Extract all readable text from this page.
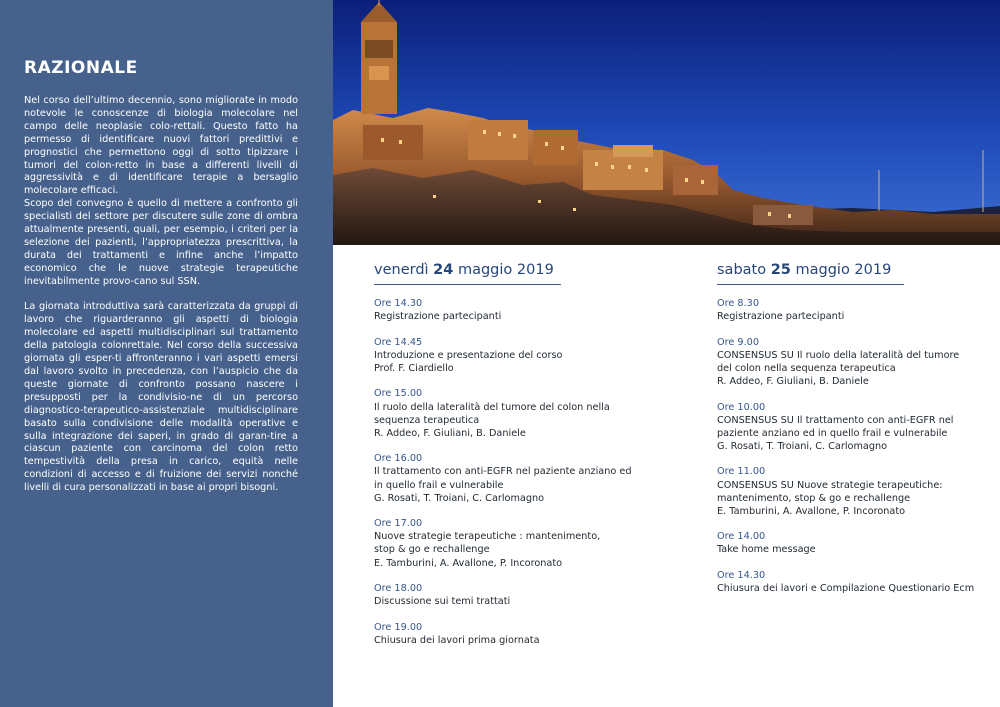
RAZIONALE

Nel corso dell’ultimo decennio, sono migliorate in modo notevole le conoscenze di biologia molecolare nel campo delle neoplasie colo-rettali. Questo fatto ha permesso di identificare nuovi fattori predittivi e prognostici che permettono oggi di sotto tipizzare i tumori del colon-retto in base a differenti livelli di aggressività e di identificare terapie a bersaglio molecolare efficaci.

Scopo del convegno è quello di mettere a confronto gli specialisti del settore per discutere sulle zone di ombra attualmente presenti, quali, per esempio, i criteri per la selezione dei pazienti, l’appropriatezza prescrittiva, la durata dei trattamenti e infine anche l’impatto economico che le nuove strategie terapeutiche inevitabilmente provo-cano sul SSN.

La giornata introduttiva sarà caratterizzata da gruppi di lavoro che riguarderanno gli aspetti di biologia molecolare ed aspetti multidisciplinari sul trattamento della patologia colonrettale. Nel corso della successiva giornata gli esper-ti affronteranno i vari aspetti emersi dal lavoro svolto in precedenza, con l’auspicio che da queste giornate di confronto possano nascere i presupposti per la condivisio-ne di un percorso diagnostico-terapeutico-assistenziale multidisciplinare basato sulla condivisione delle modalità operative e sulla integrazione dei saperi, in grado di garan-tire a ciascun paziente con carcinoma del colon retto tempestività della presa in carico, equità nelle condizioni di accesso e di fruizione dei servizi nonché livelli di cura personalizzati in base ai propri bisogni.

venerdì 24 maggio 2019
Ore 14.30
Registrazione partecipanti
Ore 14.45
Introduzione e presentazione del corso
Prof. F. Ciardiello
Ore 15.00
Il ruolo della lateralità del tumore del colon nella
sequenza terapeutica
R. Addeo, F. Giuliani, B. Daniele
Ore 16.00
Il trattamento con anti-EGFR nel paziente anziano ed
in quello frail e vulnerabile
G. Rosati, T. Troiani, C. Carlomagno
Ore 17.00
Nuove strategie terapeutiche : mantenimento,
stop & go e rechallenge
E. Tamburini, A. Avallone, P. Incoronato
Ore 18.00
Discussione sui temi trattati
Ore 19.00
Chiusura dei lavori prima giornata
sabato 25 maggio 2019
Ore 8.30
Registrazione partecipanti
Ore 9.00
CONSENSUS SU Il ruolo della lateralità del tumore
del colon nella sequenza terapeutica
R. Addeo, F. Giuliani, B. Daniele
Ore 10.00
CONSENSUS SU Il trattamento con anti-EGFR nel
paziente anziano ed in quello frail e vulnerabile
G. Rosati, T. Troiani, C. Carlomagno
Ore 11.00
CONSENSUS SU Nuove strategie terapeutiche:
mantenimento, stop & go e rechallenge
E. Tamburini, A. Avallone, P. Incoronato
Ore 14.00
Take home message
Ore 14.30
Chiusura dei lavori e Compilazione Questionario Ecm
